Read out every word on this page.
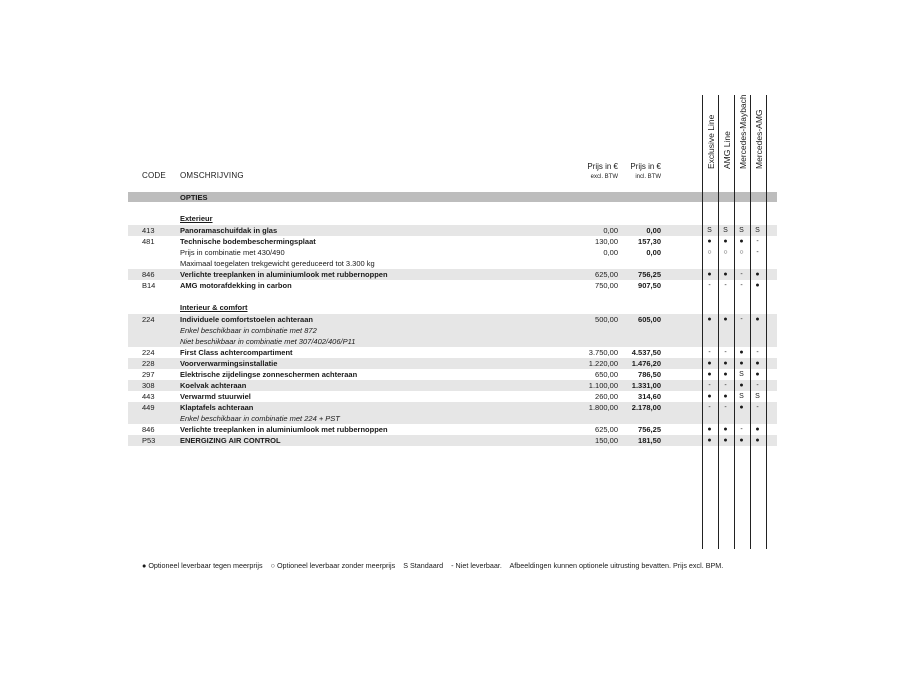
CODE OMSCHRIJVING
Prijs in €
excl. BTW
Prijs in €
incl. BTW
Exclusive Line AMG Line Mercedes-Maybach Mercedes-AMG
OPTIES
Exterieur
413	Panoramaschuifdak in glas	0,00	0,00	S	S	S	S
481	Technische bodembeschermingsplaat	130,00	157,30	●	●	●	-
Prijs in combinatie met 430/490	0,00	0,00	○	○	○	-
Maximaal toegelaten trekgewicht gereduceerd tot 3.300 kg
846	Verlichte treeplanken in aluminiumlook met rubbernoppen	625,00	756,25	●	●	-	●
B14	AMG motorafdekking in carbon	750,00	907,50	-	-	-	●
Interieur & comfort
224	Individuele comfortstoelen achteraan	500,00	605,00	●	●	-	●
Enkel beschikbaar in combinatie met 872
Niet beschikbaar in combinatie met 307/402/406/P11
224	First Class achtercompartiment	3.750,00 4.537,50	-	-	●	-
228	Voorverwarmingsinstallatie	1.220,00 1.476,20	●	●	●	●
297	Elektrische zijdelingse zonneschermen achteraan	650,00	786,50	●	●	S	●
308	Koelvak achteraan	1.100,00 1.331,00	-	-	●	-
443	Verwarmd stuurwiel	260,00	314,60	●	●	S	S
449	Klaptafels achteraan	1.800,00 2.178,00	-	-	●	-
Enkel beschikbaar in combinatie met 224 + PST
846	Verlichte treeplanken in aluminiumlook met rubbernoppen	625,00	756,25	●	●	-	●
P53	ENERGIZING AIR CONTROL	150,00	181,50	●	●	●	●
● Optioneel leverbaar tegen meerprijs ○ Optioneel leverbaar zonder meerprijs S Standaard - Niet leverbaar. Afbeeldingen kunnen optionele uitrusting bevatten. Prijs excl. BPM.
